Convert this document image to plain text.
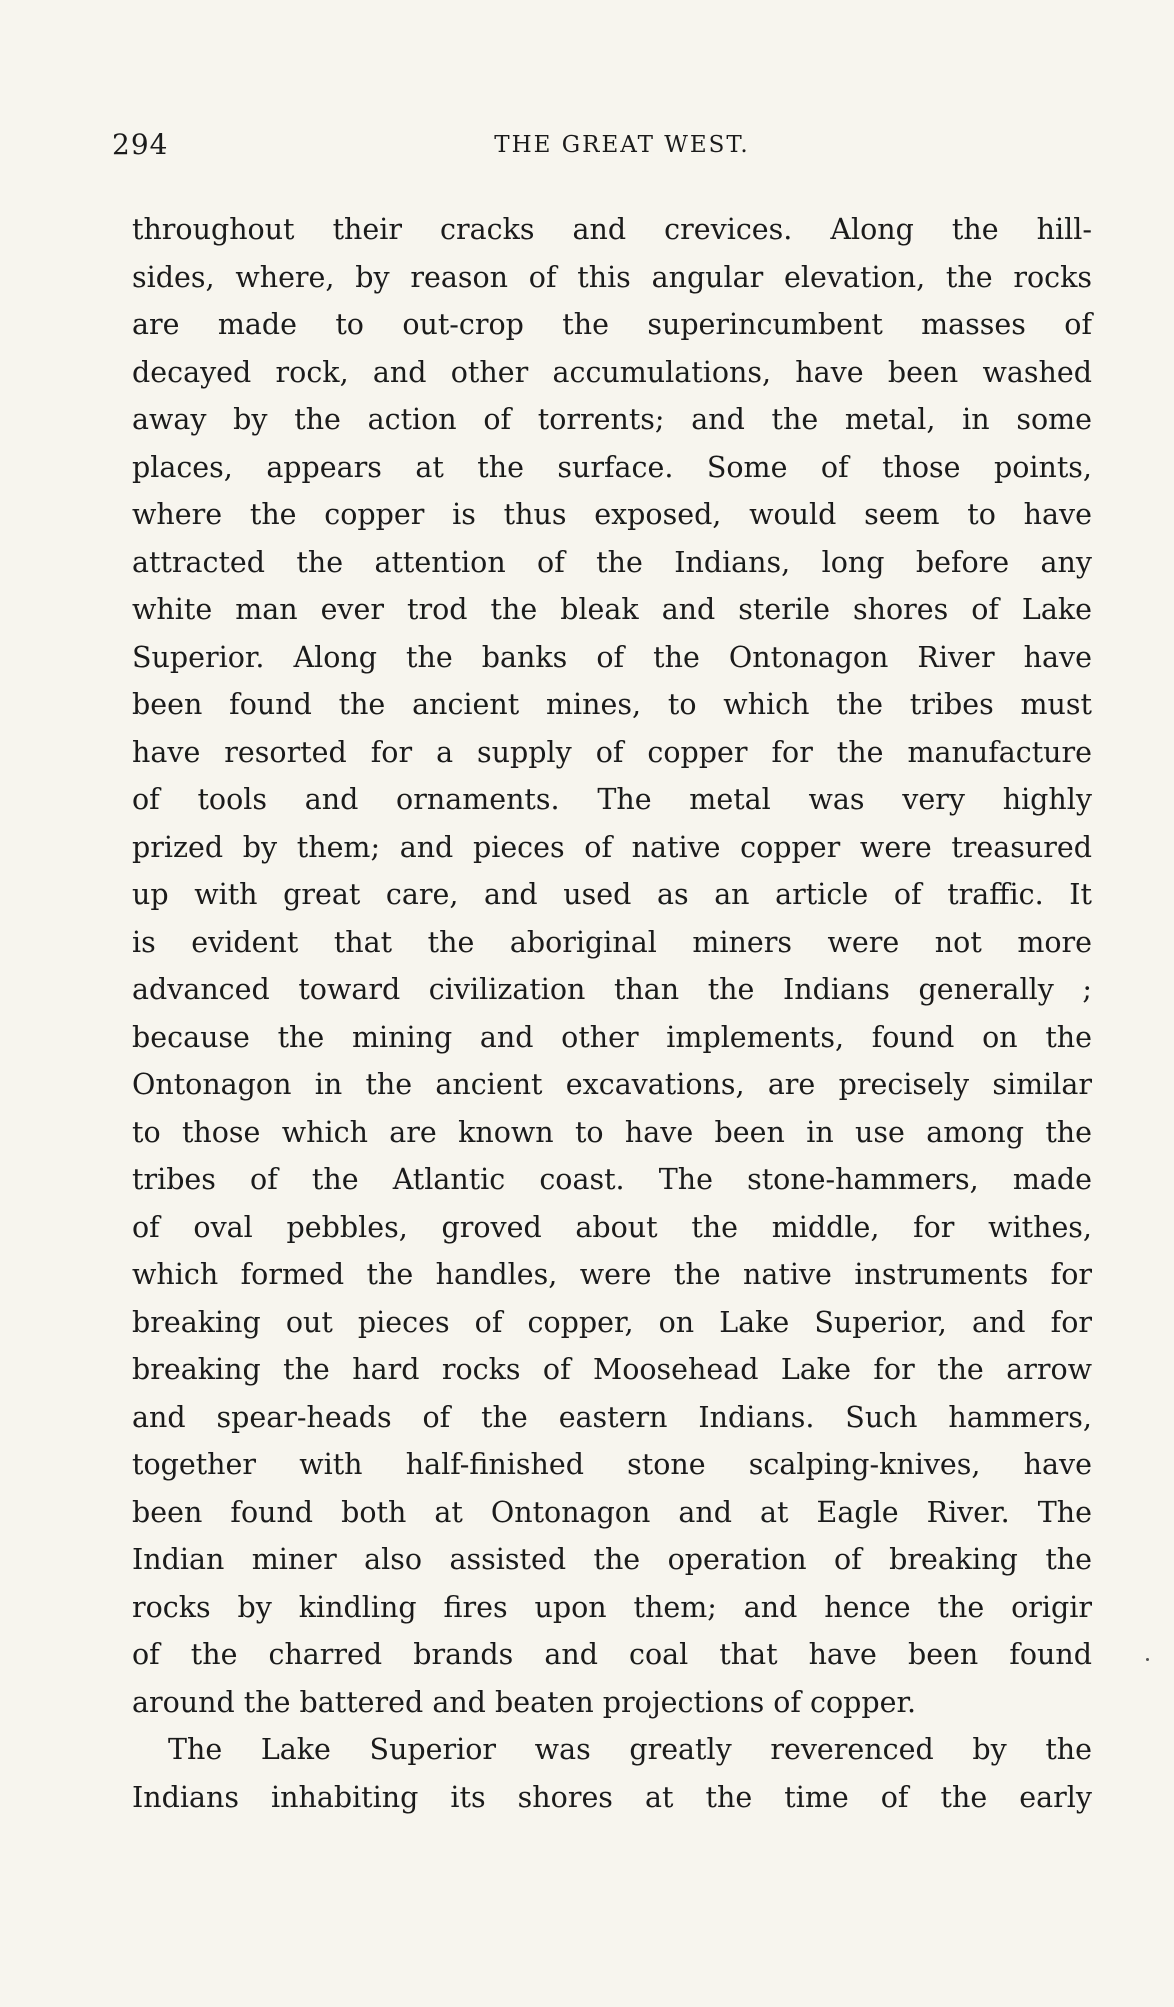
294	THE GREAT WEST.
throughout their cracks and crevices. Along the hill-
sides, where, by reason of this angular elevation, the rocks
are made to out-crop the superincumbent masses of
decayed rock, and other accumulations, have been washed
away by the action of torrents; and the metal, in some
places, appears at the surface. Some of those points,
where the copper is thus exposed, would seem to have
attracted the attention of the Indians, long before any
white man ever trod the bleak and sterile shores of Lake
Superior. Along the banks of the Ontonagon River have
been found the ancient mines, to which the tribes must
have resorted for a supply of copper for the manufacture
of tools and ornaments. The metal was very highly
prized by them; and pieces of native copper were treasured
up with great care, and used as an article of traffic. It
is evident that the aboriginal miners were not more
advanced toward civilization than the Indians generally ;
because the mining and other implements, found on the
Ontonagon in the ancient excavations, are precisely similar
to those which are known to have been in use among the
tribes of the Atlantic coast. The stone-hammers, made
of oval pebbles, groved about the middle, for withes,
which formed the handles, were the native instruments for
breaking out pieces of copper, on Lake Superior, and for
breaking the hard rocks of Moosehead Lake for the arrow
and spear-heads of the eastern Indians. Such hammers,
together with half-finished stone scalping-knives, have
been found both at Ontonagon and at Eagle River. The
Indian miner also assisted the operation of breaking the
rocks by kindling fires upon them; and hence the origir
of the charred brands and coal that have been found
around the battered and beaten projections of copper.
The Lake Superior was greatly reverenced by the
Indians inhabiting its shores at the time of the early
